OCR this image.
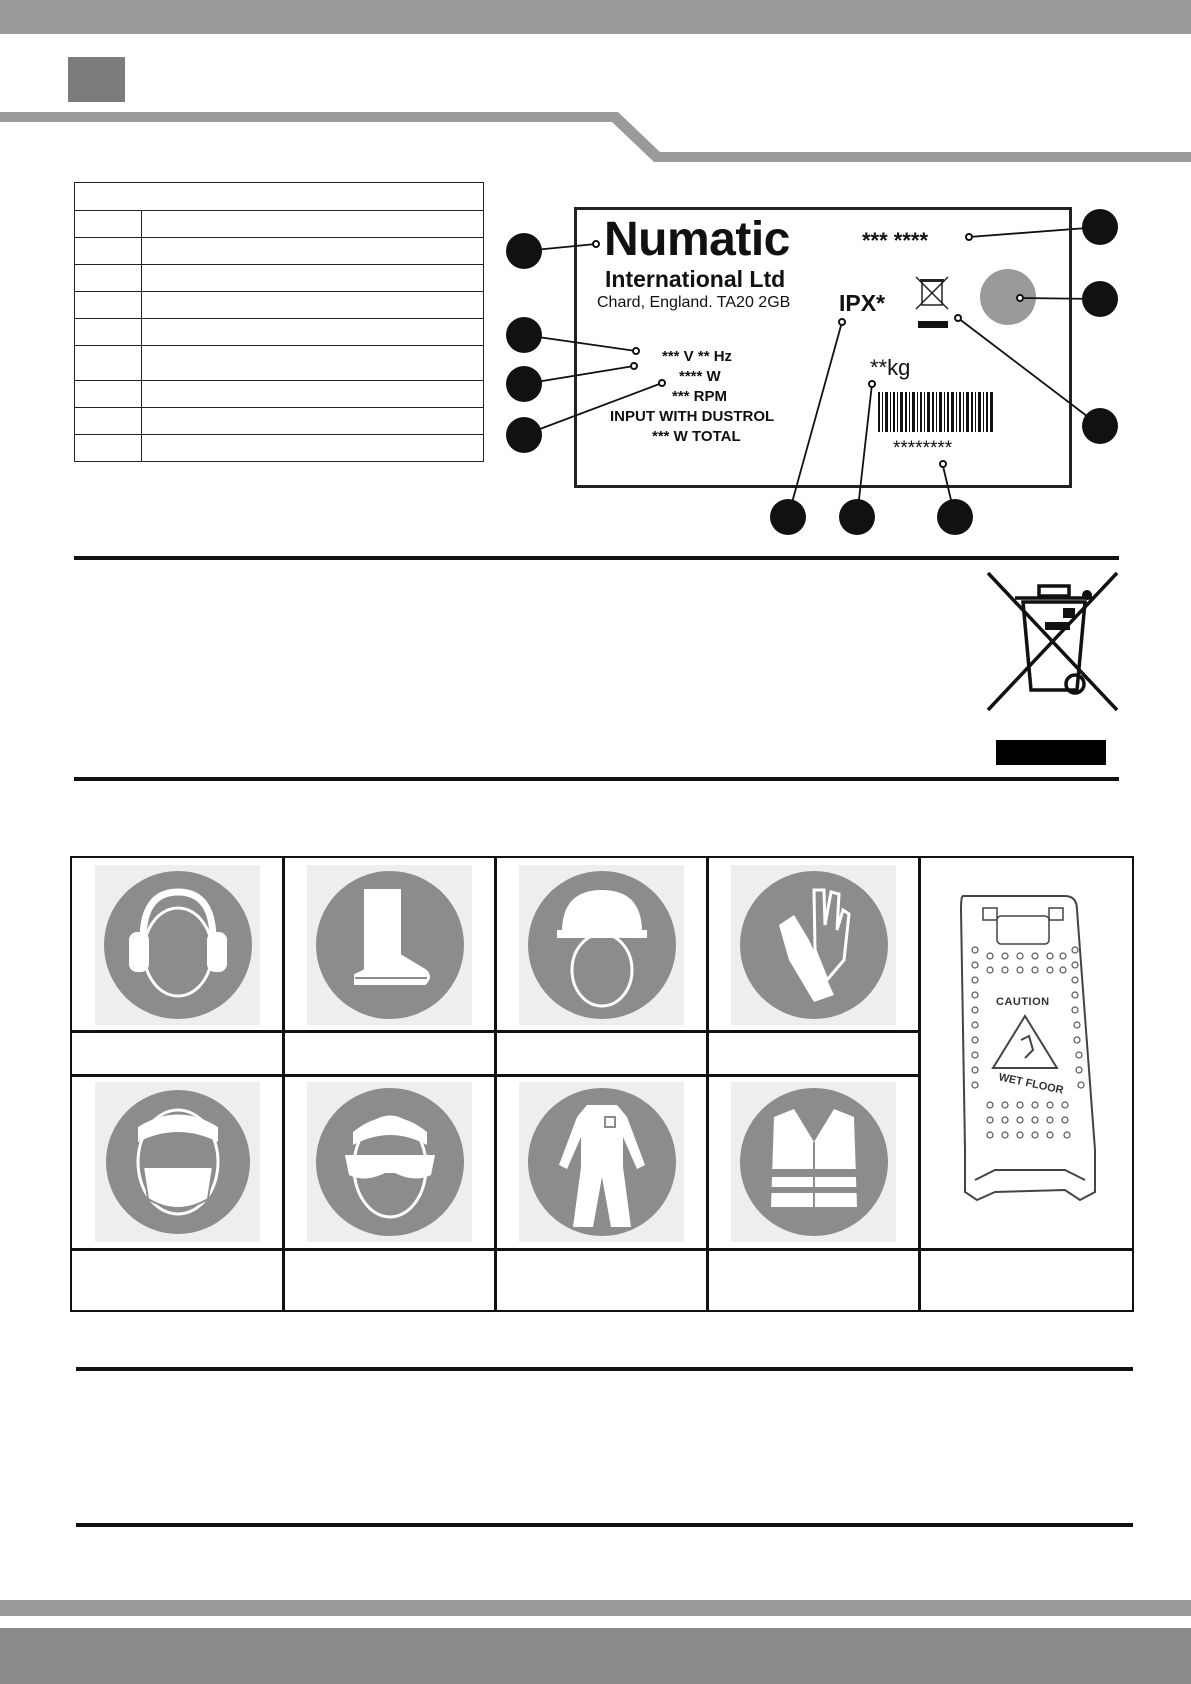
Numatic
International Ltd
Chard, England. TA20 2GB
*** ****
IPX*
**kg
*** V ** Hz
**** W
*** RPM
INPUT WITH DUSTROL
*** W TOTAL
********
CAUTION
WET FLOOR
